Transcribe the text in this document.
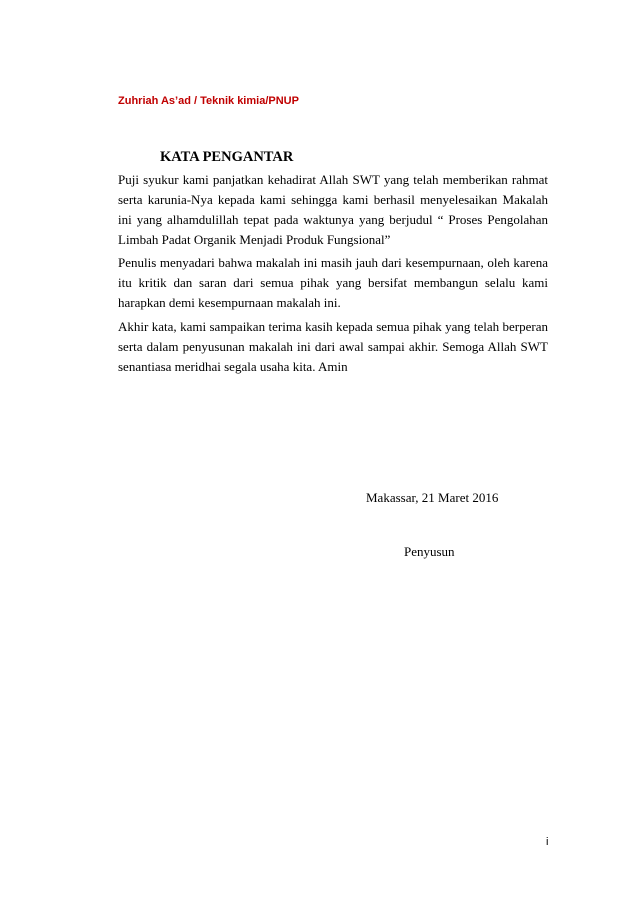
Zuhriah As’ad / Teknik kimia/PNUP
KATA PENGANTAR

Puji syukur kami panjatkan kehadirat Allah SWT yang telah memberikan rahmat serta karunia-Nya kepada kami sehingga kami berhasil menyelesaikan Makalah ini yang alhamdulillah tepat pada waktunya yang berjudul “ Proses Pengolahan Limbah Padat Organik Menjadi Produk Fungsional”

Penulis menyadari bahwa makalah ini masih jauh dari kesempurnaan, oleh karena itu kritik dan saran dari semua pihak yang bersifat membangun selalu kami harapkan demi kesempurnaan makalah ini.

Akhir kata, kami sampaikan terima kasih kepada semua pihak yang telah berperan serta dalam penyusunan makalah ini dari awal sampai akhir. Semoga Allah SWT senantiasa meridhai segala usaha kita. Amin

Makassar, 21 Maret 2016
Penyusun
i
